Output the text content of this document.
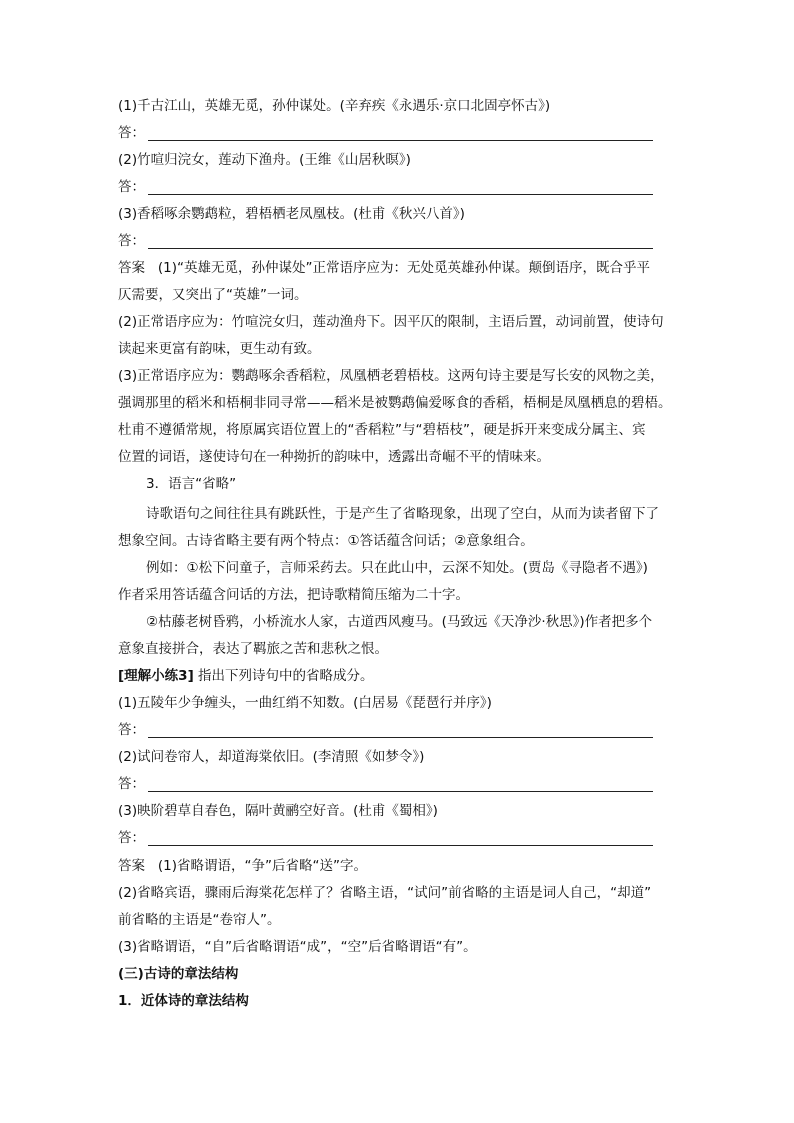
(1)千古江山，英雄无觅，孙仲谋处。(辛弃疾《永遇乐·京口北固亭怀古》)
答：
(2)竹喧归浣女，莲动下渔舟。(王维《山居秋暝》)
答：
(3)香稻啄余鹦鹉粒，碧梧栖老凤凰枝。(杜甫《秋兴八首》)
答：
答案 (1)“英雄无觅，孙仲谋处”正常语序应为：无处觅英雄孙仲谋。颠倒语序，既合乎平
仄需要，又突出了“英雄”一词。
(2)正常语序应为：竹喧浣女归，莲动渔舟下。因平仄的限制，主语后置，动词前置，使诗句
读起来更富有韵味，更生动有致。
(3)正常语序应为：鹦鹉啄余香稻粒，凤凰栖老碧梧枝。这两句诗主要是写长安的风物之美，
强调那里的稻米和梧桐非同寻常——稻米是被鹦鹉偏爱啄食的香稻，梧桐是凤凰栖息的碧梧。
杜甫不遵循常规，将原属宾语位置上的“香稻粒”与“碧梧枝”，硬是拆开来变成分属主、宾
位置的词语，遂使诗句在一种拗折的韵味中，透露出奇崛不平的情味来。
3．语言“省略”
诗歌语句之间往往具有跳跃性，于是产生了省略现象，出现了空白，从而为读者留下了
想象空间。古诗省略主要有两个特点：①答话蕴含问话；②意象组合。
例如：①松下问童子，言师采药去。只在此山中，云深不知处。(贾岛《寻隐者不遇》)
作者采用答话蕴含问话的方法，把诗歌精简压缩为二十字。
②枯藤老树昏鸦，小桥流水人家，古道西风瘦马。(马致远《天净沙·秋思》)作者把多个
意象直接拼合，表达了羁旅之苦和悲秋之恨。
[理解小练3] 指出下列诗句中的省略成分。
(1)五陵年少争缠头，一曲红绡不知数。(白居易《琵琶行并序》)
答：
(2)试问卷帘人，却道海棠依旧。(李清照《如梦令》)
答：
(3)映阶碧草自春色，隔叶黄鹂空好音。(杜甫《蜀相》)
答：
答案 (1)省略谓语，“争”后省略“送”字。
(2)省略宾语，骤雨后海棠花怎样了？省略主语，“试问”前省略的主语是词人自己，“却道”
前省略的主语是“卷帘人”。
(3)省略谓语，“自”后省略谓语“成”，“空”后省略谓语“有”。
(三)古诗的章法结构
1．近体诗的章法结构
